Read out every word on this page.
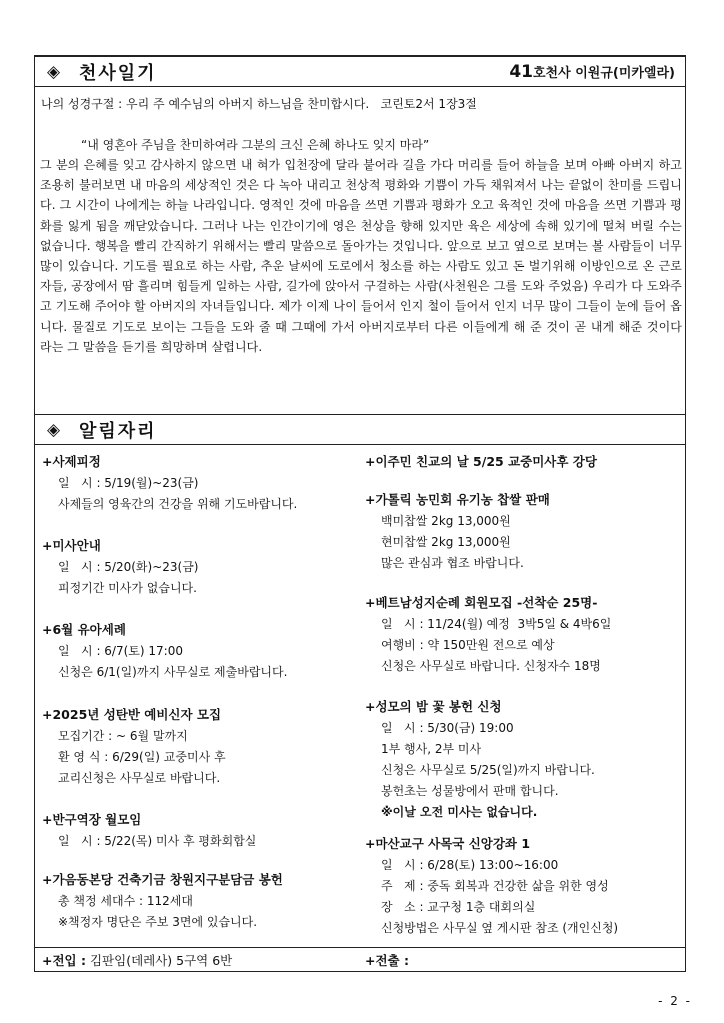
◈	천사일기	41호천사 이원규(미카엘라)
나의 성경구절 : 우리 주 예수님의 아버지 하느님을 찬미합시다.   코린토2서 1장3절
“내 영혼아 주님을 찬미하여라 그분의 크신 은혜 하나도 잊지 마라”
그 분의 은혜를 잊고 감사하지 않으면 내 혀가 입천장에 달라 붙어라 길을 가다 머리를 들어 하늘을 보며 아빠 아버지 하고 조용히 불러보면 내 마음의 세상적인 것은 다 녹아 내리고 천상적 평화와 기쁨이 가득 채워져서 나는 끝없이 찬미를 드립니다. 그 시간이 나에게는 하늘 나라입니다. 영적인 것에 마음을 쓰면 기쁨과 평화가 오고 육적인 것에 마음을 쓰면 기쁨과 평화를 잃게 됨을 깨닫았습니다. 그러나 나는 인간이기에 영은 천상을 향해 있지만 육은 세상에 속해 있기에 떨쳐 버릴 수는 없습니다. 행복을 빨리 간직하기 위해서는 빨리 말씀으로 돌아가는 것입니다. 앞으로 보고 옆으로 보며는 볼 사람들이 너무 많이 있습니다. 기도를 필요로 하는 사람, 추운 날씨에 도로에서 청소를 하는 사람도 있고 돈 벌기위해 이방인으로 온 근로자들, 공장에서 땀 흘리며 힘들게 일하는 사람, 길가에 앉아서 구걸하는 사람(사천원은 그를 도와 주었음) 우리가 다 도와주고 기도해 주어야 할 아버지의 자녀들입니다. 제가 이제 나이 들어서 인지 철이 들어서 인지 너무 많이 그들이 눈에 들어 옵니다. 물질로 기도로 보이는 그들을 도와 줄 때 그때에 가서 아버지로부터 다른 이들에게 해 준 것이 곧 내게 해준 것이다 라는 그 말씀을 듣기를 희망하며 살렵니다.
◈	알림자리
+사제피정
일   시 : 5/19(월)~23(금)
사제들의 영육간의 건강을 위해 기도바랍니다.
+미사안내
일   시 : 5/20(화)~23(금)
피정기간 미사가 없습니다.
+6월 유아세례
일   시 : 6/7(토) 17:00
신청은 6/1(일)까지 사무실로 제출바랍니다.
+2025년 성탄반 예비신자 모집
모집기간 : ~ 6월 말까지
환 영 식 : 6/29(일) 교중미사 후
교리신청은 사무실로 바랍니다.
+반구역장 월모임
일   시 : 5/22(목) 미사 후 평화회합실
+가음동본당 건축기금 창원지구분담금 봉헌
총 책정 세대수 : 112세대
※책정자 명단은 주보 3면에 있습니다.
+이주민 친교의 날 5/25 교중미사후 강당
+가톨릭 농민회 유기농 찹쌀 판매
백미찹쌀 2kg 13,000원
현미찹쌀 2kg 13,000원
많은 관심과 협조 바랍니다.
+베트남성지순례 회원모집 -선착순 25명-
일   시 : 11/24(월) 예정  3박5일 & 4박6일
여행비 : 약 150만원 전으로 예상
신청은 사무실로 바랍니다. 신청자수 18명
+성모의 밤 꽃 봉헌 신청
일   시 : 5/30(금) 19:00
1부 행사, 2부 미사
신청은 사무실로 5/25(일)까지 바랍니다.
봉헌초는 성물방에서 판매 합니다.
※이날 오전 미사는 없습니다.
+마산교구 사목국 신앙강좌 1
일   시 : 6/28(토) 13:00~16:00
주   제 : 중독 회복과 건강한 삶을 위한 영성
장   소 : 교구청 1층 대회의실
신청방법은 사무실 옆 게시판 참조 (개인신청)
+전입 : 김판임(데레사) 5구역 6반	+전출 :
- 2 -
